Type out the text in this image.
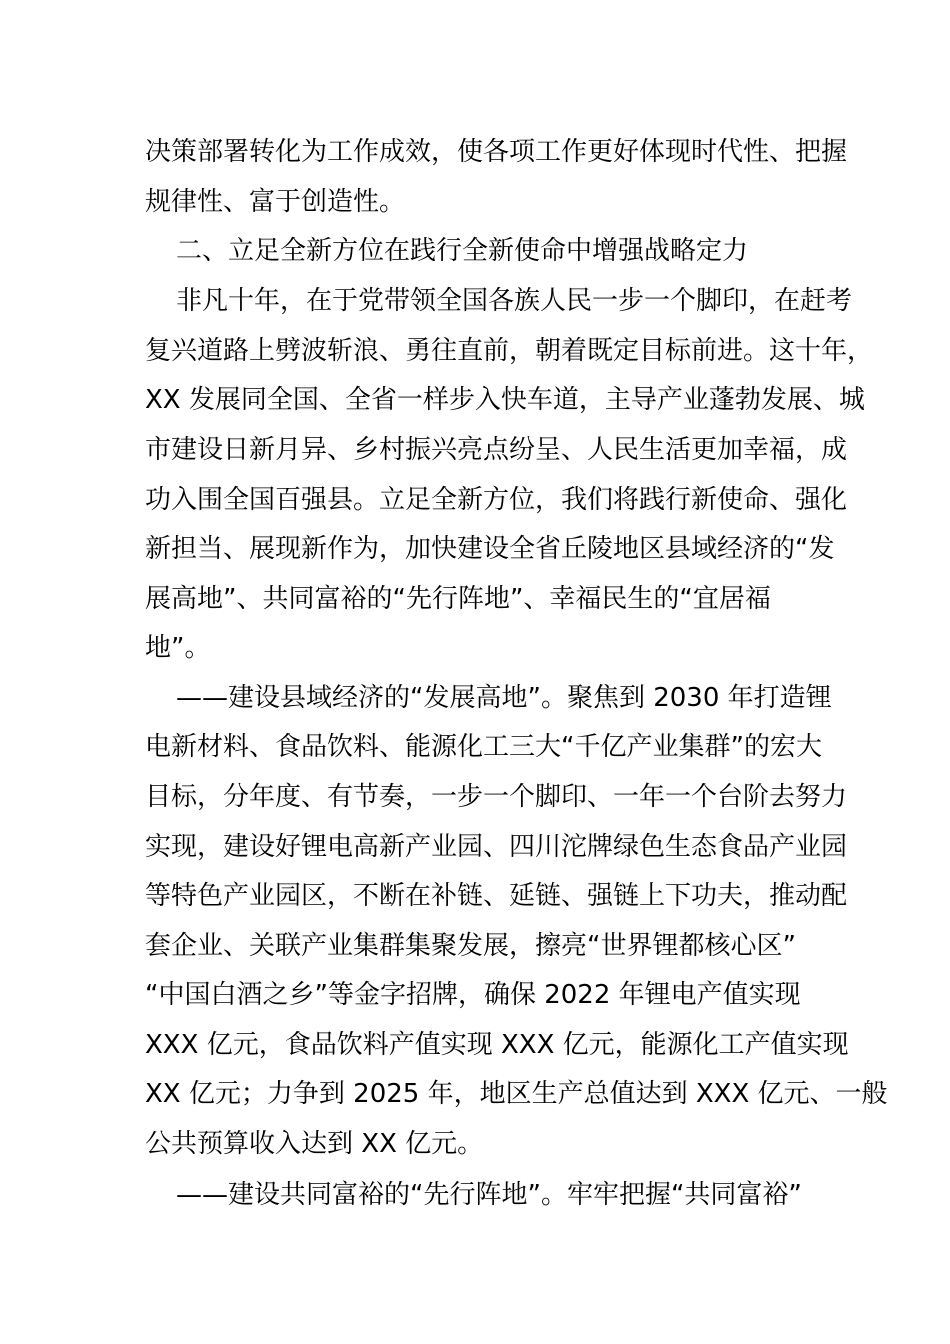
决策部署转化为工作成效，使各项工作更好体现时代性、把握
规律性、富于创造性。
二、立足全新方位在践行全新使命中增强战略定力
非凡十年，在于党带领全国各族人民一步一个脚印，在赶考
复兴道路上劈波斩浪、勇往直前，朝着既定目标前进。这十年，
XX 发展同全国、全省一样步入快车道，主导产业蓬勃发展、城
市建设日新月异、乡村振兴亮点纷呈、人民生活更加幸福，成
功入围全国百强县。立足全新方位，我们将践行新使命、强化
新担当、展现新作为，加快建设全省丘陵地区县域经济的“发
展高地”、共同富裕的“先行阵地”、幸福民生的“宜居福
地”。
——建设县域经济的“发展高地”。聚焦到 2030 年打造锂
电新材料、食品饮料、能源化工三大“千亿产业集群”的宏大
目标，分年度、有节奏，一步一个脚印、一年一个台阶去努力
实现，建设好锂电高新产业园、四川沱牌绿色生态食品产业园
等特色产业园区，不断在补链、延链、强链上下功夫，推动配
套企业、关联产业集群集聚发展，擦亮“世界锂都核心区”
“中国白酒之乡”等金字招牌，确保 2022 年锂电产值实现
XXX 亿元，食品饮料产值实现 XXX 亿元，能源化工产值实现
XX 亿元；力争到 2025 年，地区生产总值达到 XXX 亿元、一般
公共预算收入达到 XX 亿元。
——建设共同富裕的“先行阵地”。牢牢把握“共同富裕”
